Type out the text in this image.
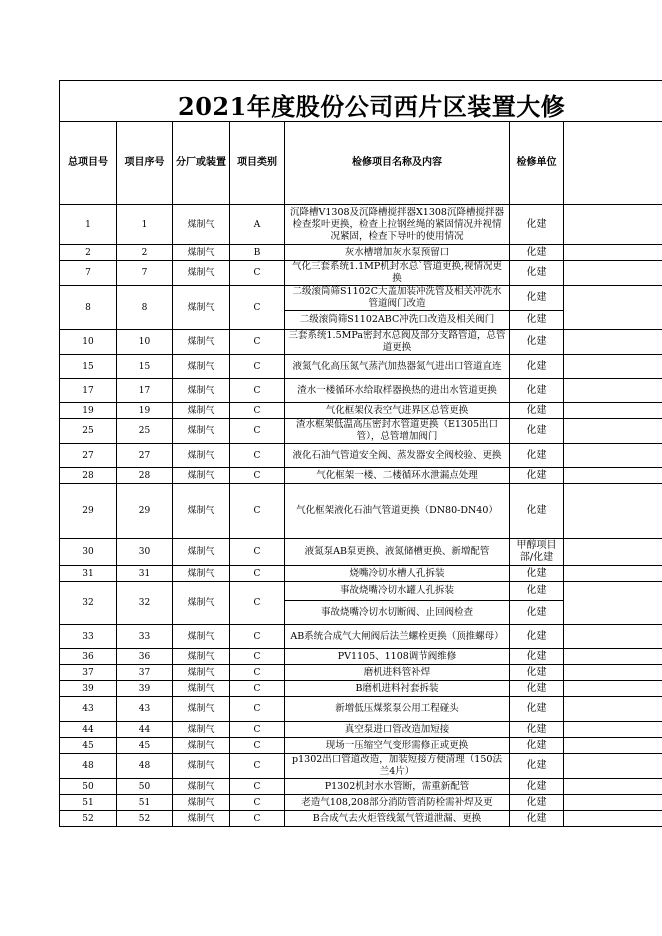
2021年度股份公司西片区装置大修
总项目号	项目序号	分厂或装置	项目类别	检修项目名称及内容	检修单位	
1	1	煤制气	A	沉降槽V1308及沉降槽搅拌器X1308沉降槽搅拌器检查浆叶更换，检查上拉钢丝绳的紧固情况并视情况紧固，检查下导叶的使用情况	化建	
2	2	煤制气	B	灰水槽增加灰水泵预留口	化建	
7	7	煤制气	C	气化三套系统1.1MP机封水总`管道更换,视情况更换	化建	
8	8	煤制气	C	二级滚筒筛S1102C大盖加装冲洗管及相关冲洗水管道阀门改造	化建	
				二级滚筒筛S1102ABC冲洗口改造及相关阀门	化建	
10	10	煤制气	C	三套系统1.5MPa密封水总阀及部分支路管道，总管道更换	化建	
15	15	煤制气	C	液氮气化高压氮气蒸汽加热器氮气进出口管道直连	化建	
17	17	煤制气	C	渣水一楼循环水给取样器换热的进出水管道更换	化建	
19	19	煤制气	C	气化框架仪表空气进界区总管更换	化建	
25	25	煤制气	C	渣水框架低温高压密封水管道更换（E1305出口管），总管增加阀门	化建	
27	27	煤制气	C	液化石油气管道安全阀、蒸发器安全阀校验、更换	化建	
28	28	煤制气	C	气化框架一楼、二楼循环水泄漏点处理	化建	
29	29	煤制气	C	气化框架液化石油气管道更换（DN80-DN40）	化建	
30	30	煤制气	C	液氮泵AB泵更换、液氮储槽更换、新増配管	甲醇项目部/化建	
31	31	煤制气	C	烧嘴冷切水槽人孔拆装	化建	
32	32	煤制气	C	事故烧嘴冷切水罐人孔拆装	化建	
				事故烧嘴冷切水切断阀、止回阀检查	化建	
33	33	煤制气	C	AB系统合成气大闸阀后法兰螺栓更换（顶推螺母）	化建	
36	36	煤制气	C	PV1105、1108调节阀维修	化建	
37	37	煤制气	C	磨机进料管补焊	化建	
39	39	煤制气	C	B磨机进料衬套拆装	化建	
43	43	煤制气	C	新增低压煤浆泵公用工程碰头	化建	
44	44	煤制气	C	真空泵进口管改造加短接	化建	
45	45	煤制气	C	现场一压缩空气变形需修正或更换	化建	
48	48	煤制气	C	p1302出口管道改造，加装短接方便清理（150法兰4片）	化建	
50	50	煤制气	C	P1302机封水水管断，需重新配管	化建	
51	51	煤制气	C	老造气108,208部分消防管消防栓需补焊及更	化建	
52	52	煤制气	C	B合成气去火炬管线氮气管道泄漏、更换	化建	
